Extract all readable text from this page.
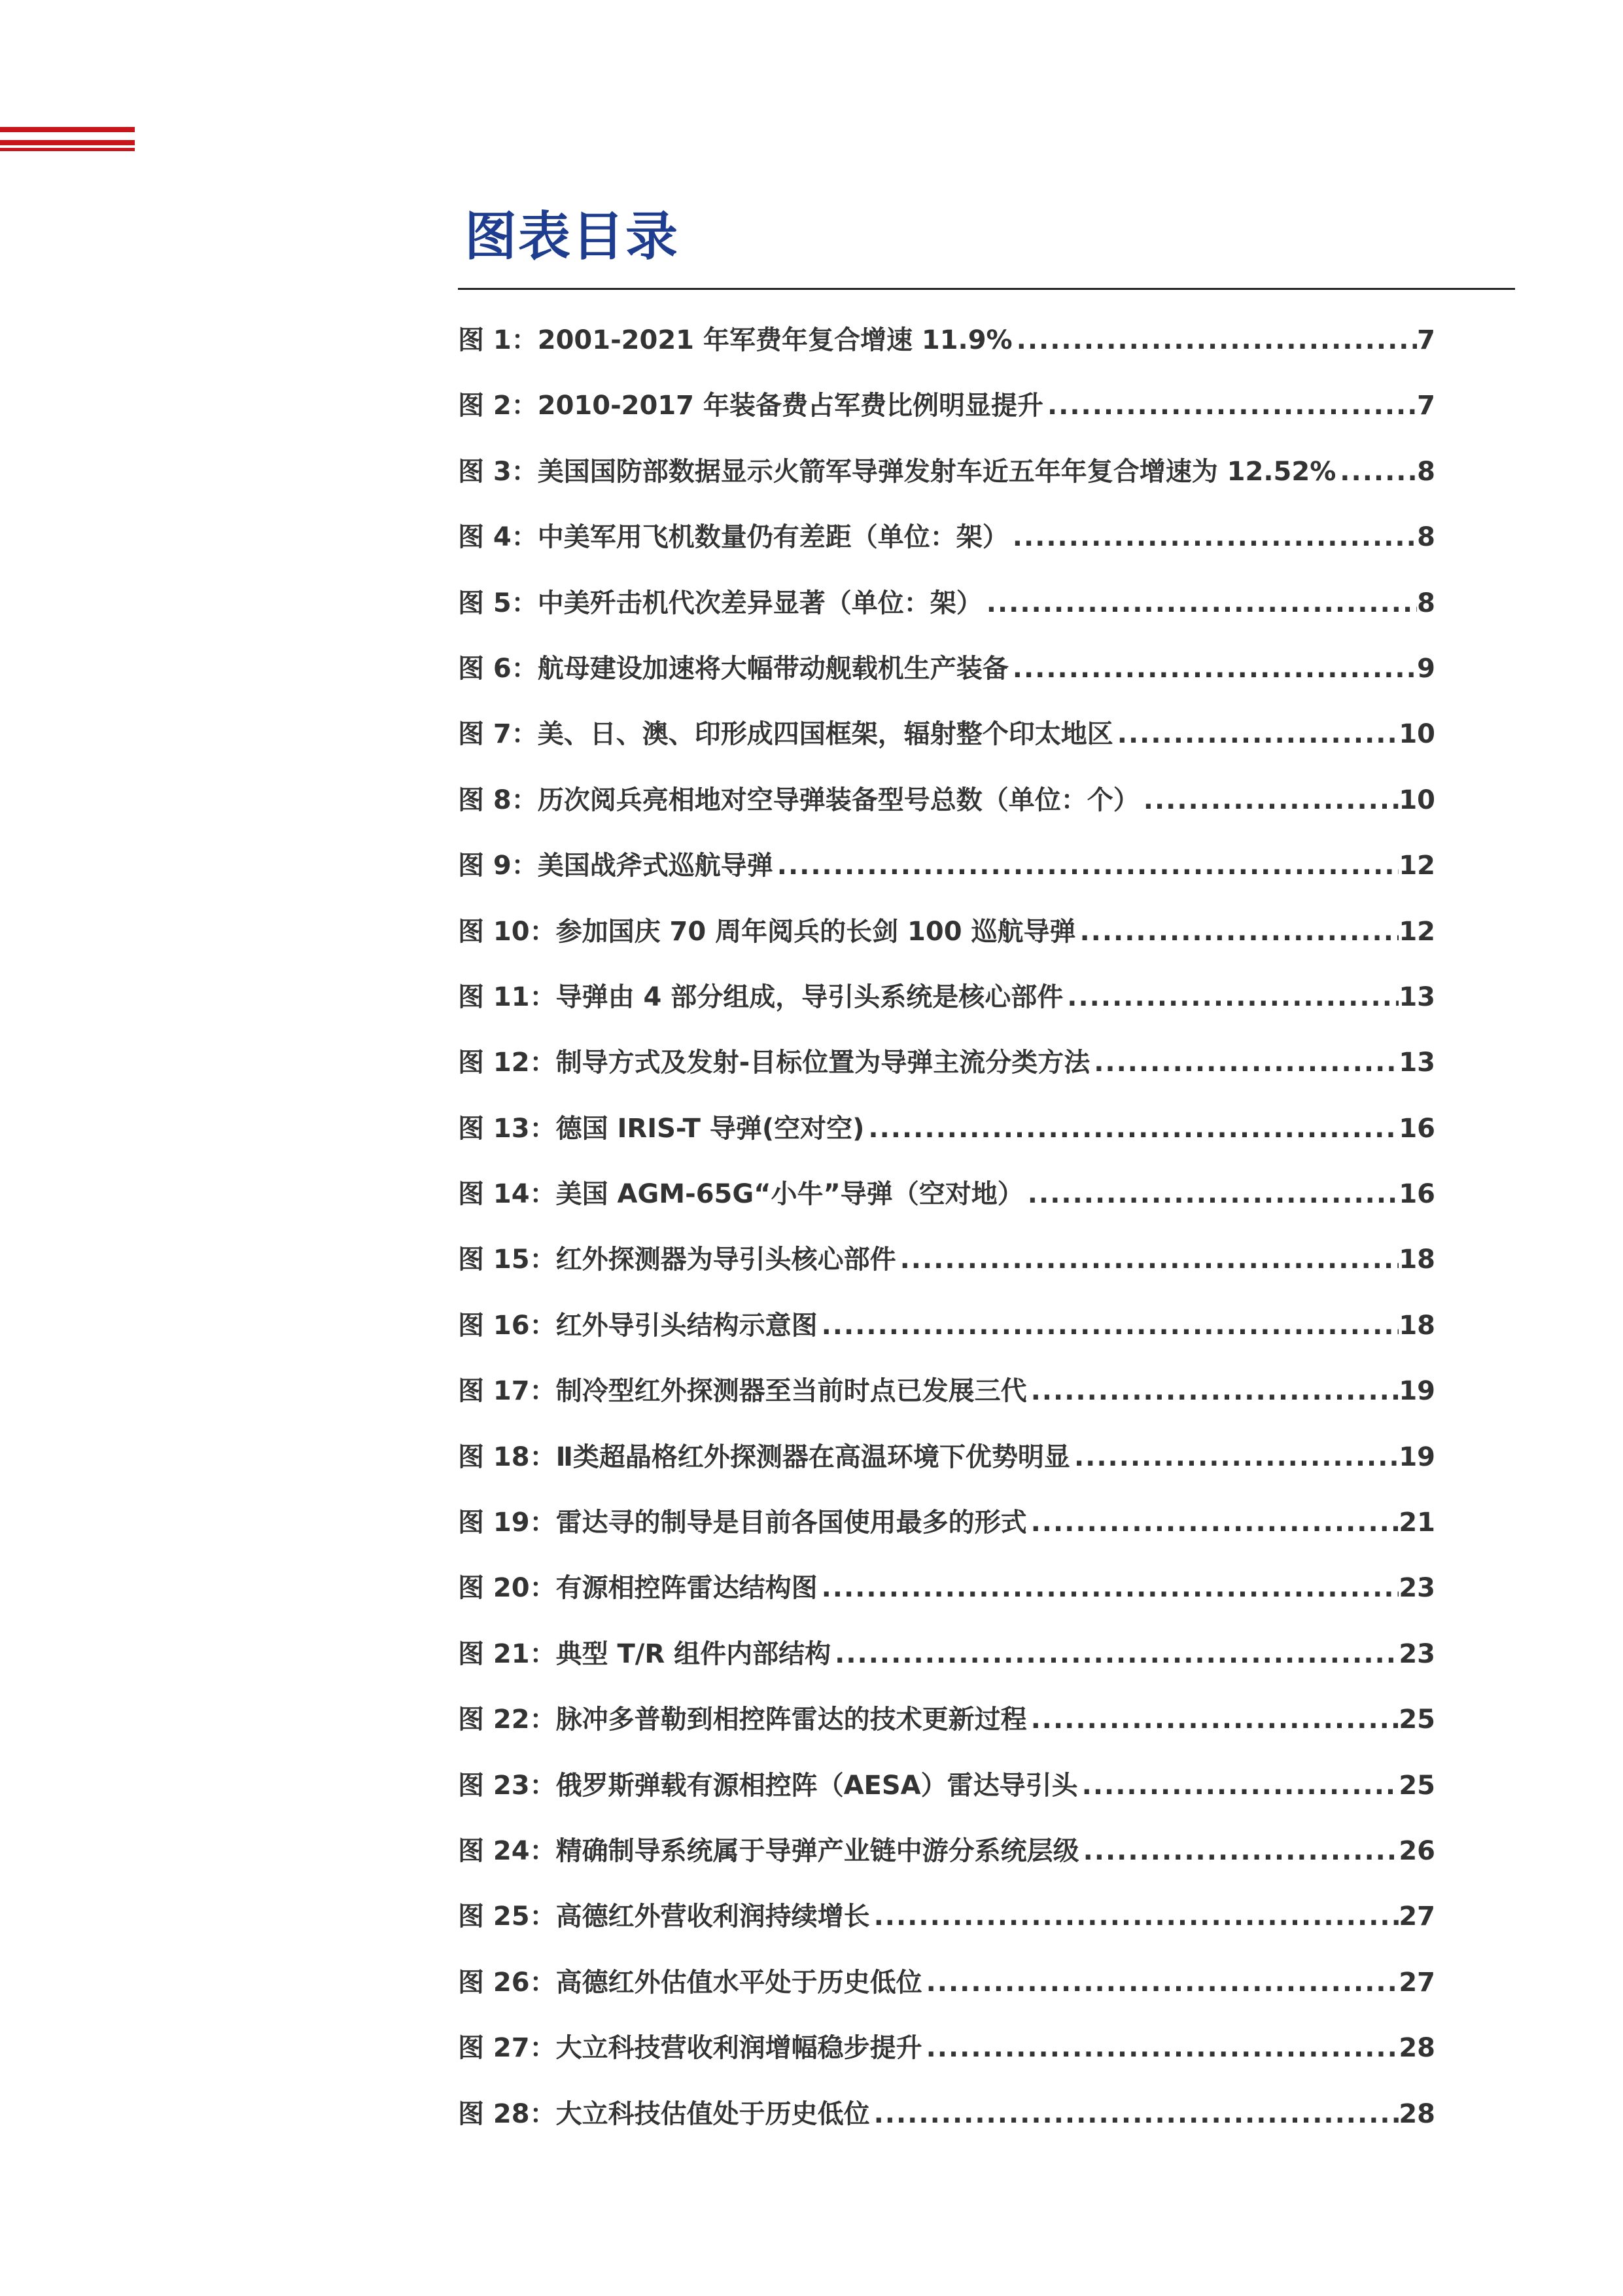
图表目录
图 1：2001-2021 年军费年复合增速 11.9% .....	7
图 2：2010-2017 年装备费占军费比例明显提升 .....	7
图 3：美国国防部数据显示火箭军导弹发射车近五年年复合增速为 12.52% .....	8
图 4：中美军用飞机数量仍有差距（单位：架） .....	8
图 5：中美歼击机代次差异显著（单位：架） .....	8
图 6：航母建设加速将大幅带动舰载机生产装备 .....	9
图 7：美、日、澳、印形成四国框架，辐射整个印太地区 .....	10
图 8：历次阅兵亮相地对空导弹装备型号总数（单位：个） .....	10
图 9：美国战斧式巡航导弹 .....	12
图 10：参加国庆 70 周年阅兵的长剑 100 巡航导弹 .....	12
图 11：导弹由 4 部分组成，导引头系统是核心部件 .....	13
图 12：制导方式及发射-目标位置为导弹主流分类方法 .....	13
图 13：德国 IRIS-T 导弹(空对空) .....	16
图 14：美国 AGM-65G“小牛”导弹（空对地） .....	16
图 15：红外探测器为导引头核心部件 .....	18
图 16：红外导引头结构示意图 .....	18
图 17：制冷型红外探测器至当前时点已发展三代 .....	19
图 18：Ⅱ类超晶格红外探测器在高温环境下优势明显 .....	19
图 19：雷达寻的制导是目前各国使用最多的形式 .....	21
图 20：有源相控阵雷达结构图 .....	23
图 21：典型 T/R 组件内部结构 .....	23
图 22：脉冲多普勒到相控阵雷达的技术更新过程 .....	25
图 23：俄罗斯弹载有源相控阵（AESA）雷达导引头 .....	25
图 24：精确制导系统属于导弹产业链中游分系统层级 .....	26
图 25：高德红外营收利润持续增长 .....	27
图 26：高德红外估值水平处于历史低位 .....	27
图 27：大立科技营收利润增幅稳步提升 .....	28
图 28：大立科技估值处于历史低位 .....	28
